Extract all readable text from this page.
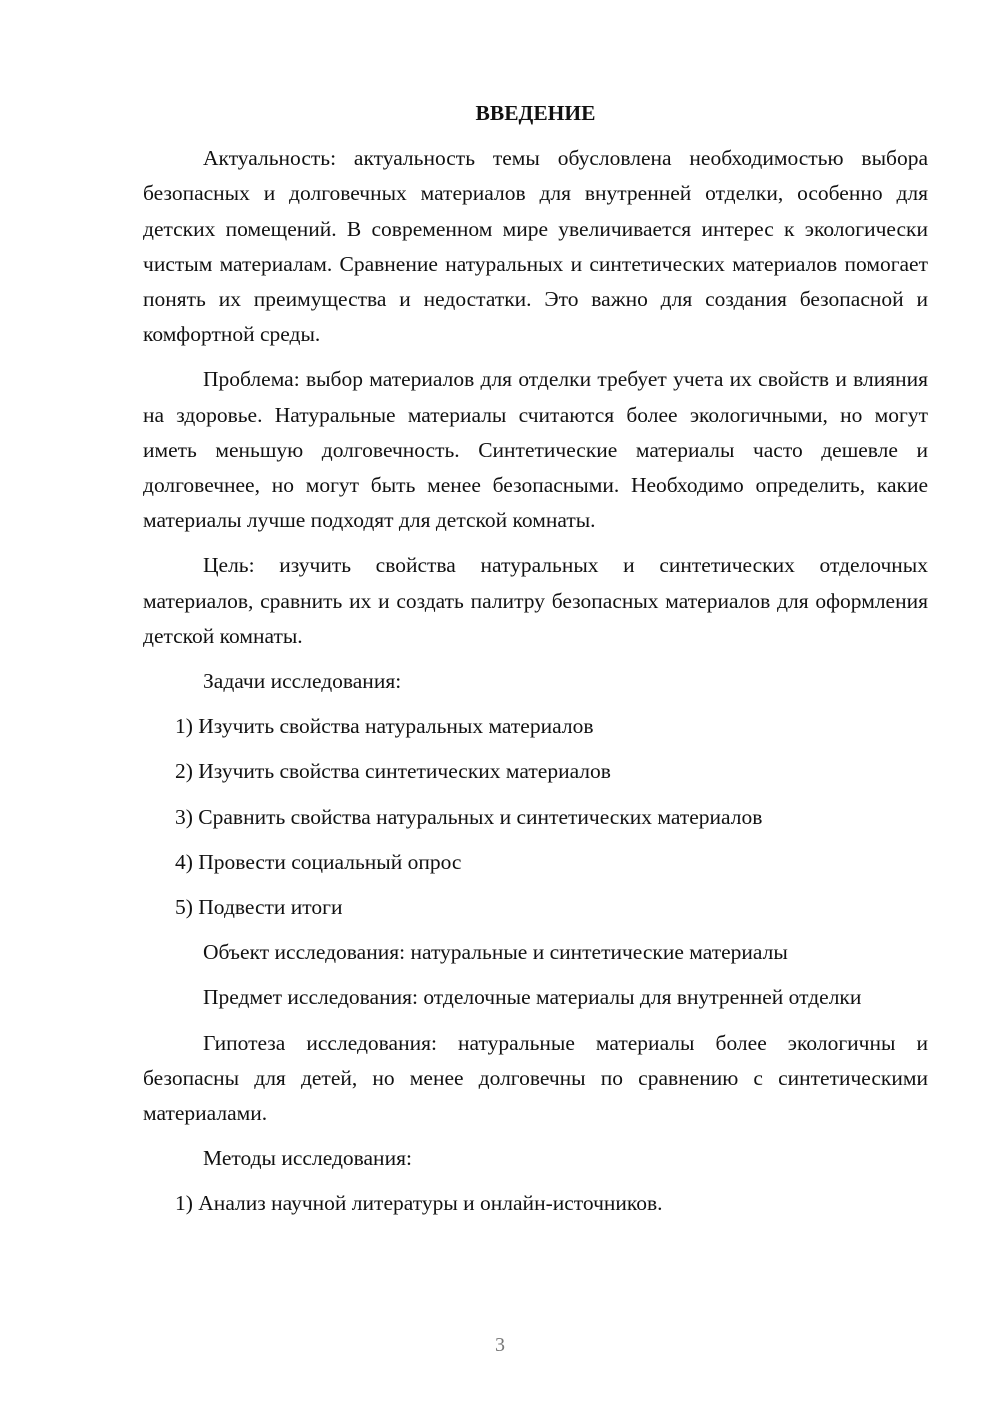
ВВЕДЕНИЕ
Актуальность: актуальность темы обусловлена необходимостью выбора безопасных и долговечных материалов для внутренней отделки, особенно для детских помещений. В современном мире увеличивается интерес к экологически чистым материалам. Сравнение натуральных и синтетических материалов помогает понять их преимущества и недостатки. Это важно для создания безопасной и комфортной среды.
Проблема: выбор материалов для отделки требует учета их свойств и влияния на здоровье. Натуральные материалы считаются более экологичными, но могут иметь меньшую долговечность. Синтетические материалы часто дешевле и долговечнее, но могут быть менее безопасными. Необходимо определить, какие материалы лучше подходят для детской комнаты.
Цель: изучить свойства натуральных и синтетических отделочных материалов, сравнить их и создать палитру безопасных материалов для оформления детской комнаты.
Задачи исследования:
1) Изучить свойства натуральных материалов
2) Изучить свойства синтетических материалов
3) Сравнить свойства натуральных и синтетических материалов
4) Провести социальный опрос
5) Подвести итоги
Объект исследования: натуральные и синтетические материалы
Предмет исследования: отделочные материалы для внутренней отделки
Гипотеза исследования: натуральные материалы более экологичны и безопасны для детей, но менее долговечны по сравнению с синтетическими материалами.
Методы исследования:
1) Анализ научной литературы и онлайн-источников.
3
